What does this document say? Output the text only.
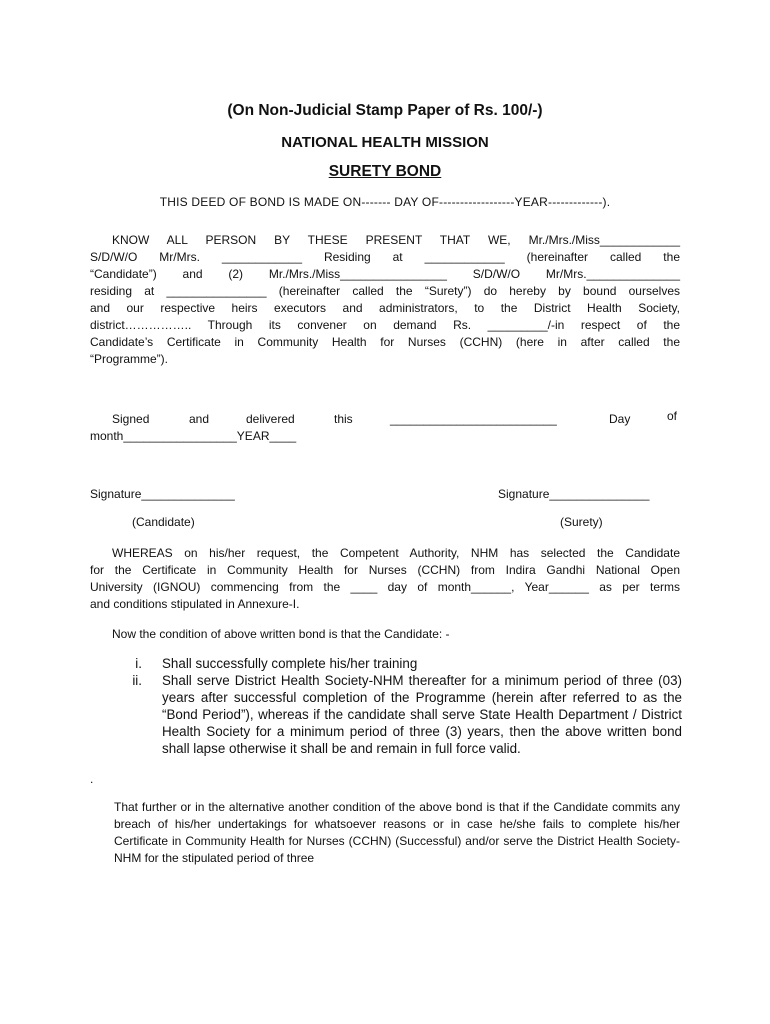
(On Non-Judicial Stamp Paper of Rs. 100/-)
NATIONAL HEALTH MISSION
SURETY BOND
THIS DEED OF BOND IS MADE ON------- DAY OF------------------YEAR-------------).
KNOW ALL PERSON BY THESE PRESENT THAT WE, Mr./Mrs./Miss____________
S/D/W/O Mr/Mrs. ____________ Residing at ____________ (hereinafter called the
“Candidate”) and (2) Mr./Mrs./Miss________________ S/D/W/O Mr/Mrs.______________
residing at _______________ (hereinafter called the “Surety”) do hereby by bound ourselves
and our respective heirs executors and administrators, to the District Health Society,
district…………….. Through its convener on demand Rs. _________/-in respect of the
Candidate’s Certificate in Community Health for Nurses (CCHN) (here in after called the
“Programme”).
Signed	and	delivered	this	_________________________	Day	of
month_________________YEAR____
Signature______________	Signature_______________
(Candidate)	(Surety)
WHEREAS on his/her request, the Competent Authority, NHM has selected the Candidate
for the Certificate in Community Health for Nurses (CCHN) from Indira Gandhi National Open
University (IGNOU) commencing from the ____ day of month______, Year______ as per terms
and conditions stipulated in Annexure-I.
Now the condition of above written bond is that the Candidate: -
i. Shall successfully complete his/her training
ii. Shall serve District Health Society-NHM thereafter for a minimum period of three (03) years after successful completion of the Programme (herein after referred to as the “Bond Period”), whereas if the candidate shall serve State Health Department / District Health Society for a minimum period of three (3) years, then the above written bond shall lapse otherwise it shall be and remain in full force valid.
.
That further or in the alternative another condition of the above bond is that if the Candidate commits any breach of his/her undertakings for whatsoever reasons or in case he/she fails to complete his/her Certificate in Community Health for Nurses (CCHN) (Successful) and/or serve the District Health Society-NHM for the stipulated period of three
